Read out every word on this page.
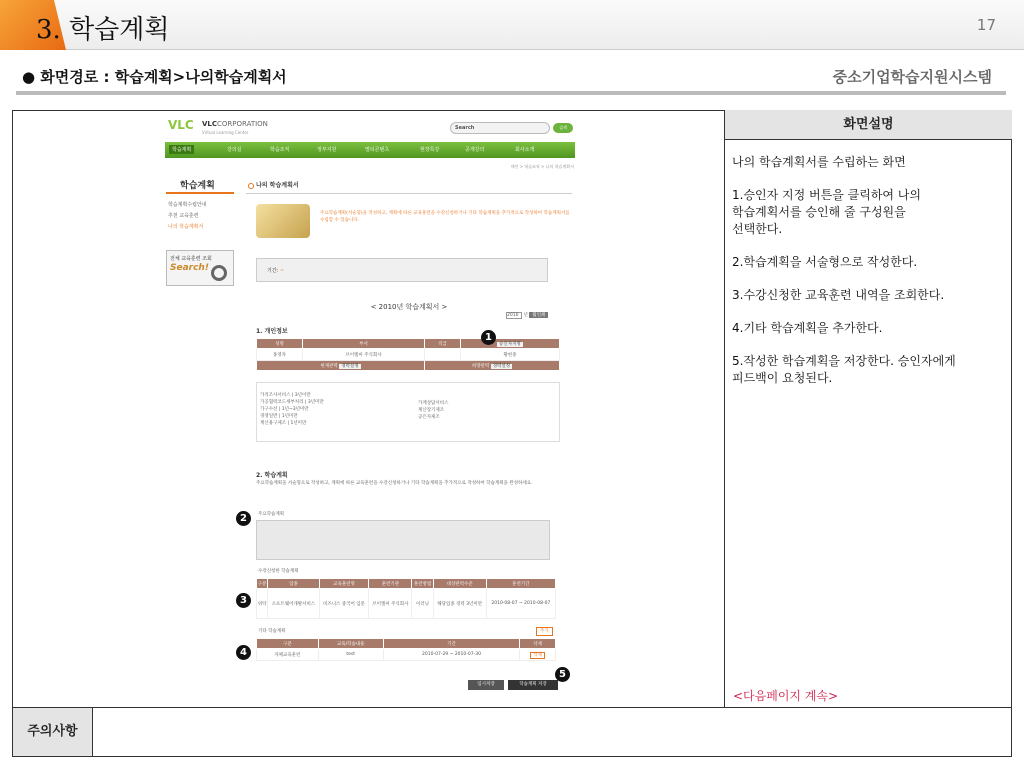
3. 학습계획	17
● 화면경로 : 학습계획>나의학습계획서	중소기업학습지원시스템
VLC VLCCORPORATION
Virtual Learning Center
Search	검색
학습계획	강의실	학습조직	정부지원	멀티콘텐츠	현장특강	공개강의	회사소개
메인 > 학습조직 > 나의 학습계획서
학습계획
학습계획수립안내
추천 교육훈련
나의 학습계획서
전체 교육훈련 조회
Search!
나의 학습계획서
주요학습계획(서술형)을 작성하고, 계획에 따른 교육훈련을 수강신청하거나 기타 학습계획을 추가적으로 작성하여 학습계획서를 수립할 수 있습니다.
기간: ~
< 2010년 학습계획서 >
2010 년 월인쇄
1. 개인정보
성명	부서	직급	승인자지정
홍영자	브이엘씨 주식회사		황현종
현재관력 경력설정		희망관력 경력설정	
가격조사서비스 | 3년이만
가공협력코드세부처리 | 3년미만
가구수선 | 1년~3년미만
경영일반 | 1년미만
계산용구제조 | 1년미만
가계상담서비스
계산장기제조
공은자제조
2. 학습계획
주요학습계획을 서술형으로 작성하고, 계획에 따른 교육훈련을 수강신청하거나 기타 학습계획을 추가적으로 작성하여 학습계획을 완성하세요.
주요학습계획
수강신청한 학습계획
구분	업종	교육훈련명	훈련기관	훈련방법	대상관력수준	훈련기간
위탁	소프트웨어개발서비스	비즈니스 중국어 입문	브이엘씨 주식회사	이러닝	해당업종 경력 3년미만	2010-08-07 ~ 2010-08-07
기타 학습계획	추가
구분	교육/학습내용	기간	삭제
자체교육훈련	test	2010-07-29 ~ 2010-07-30	삭제
임시저장	학습계획 저장
1
2
3
4
5
화면설명

나의 학습계획서를 수립하는 화면

1.승인자 지정 버튼을 클릭하여 나의
학습계획서를 승인해 줄 구성원을
선택한다.

2.학습계획을 서술형으로 작성한다.

3.수강신청한 교육훈련 내역을 조회한다.

4.기타 학습계획을 추가한다.

5.작성한 학습계획을 저장한다. 승인자에게
피드백이 요청된다.

<다음페이지 계속>
주의사항
